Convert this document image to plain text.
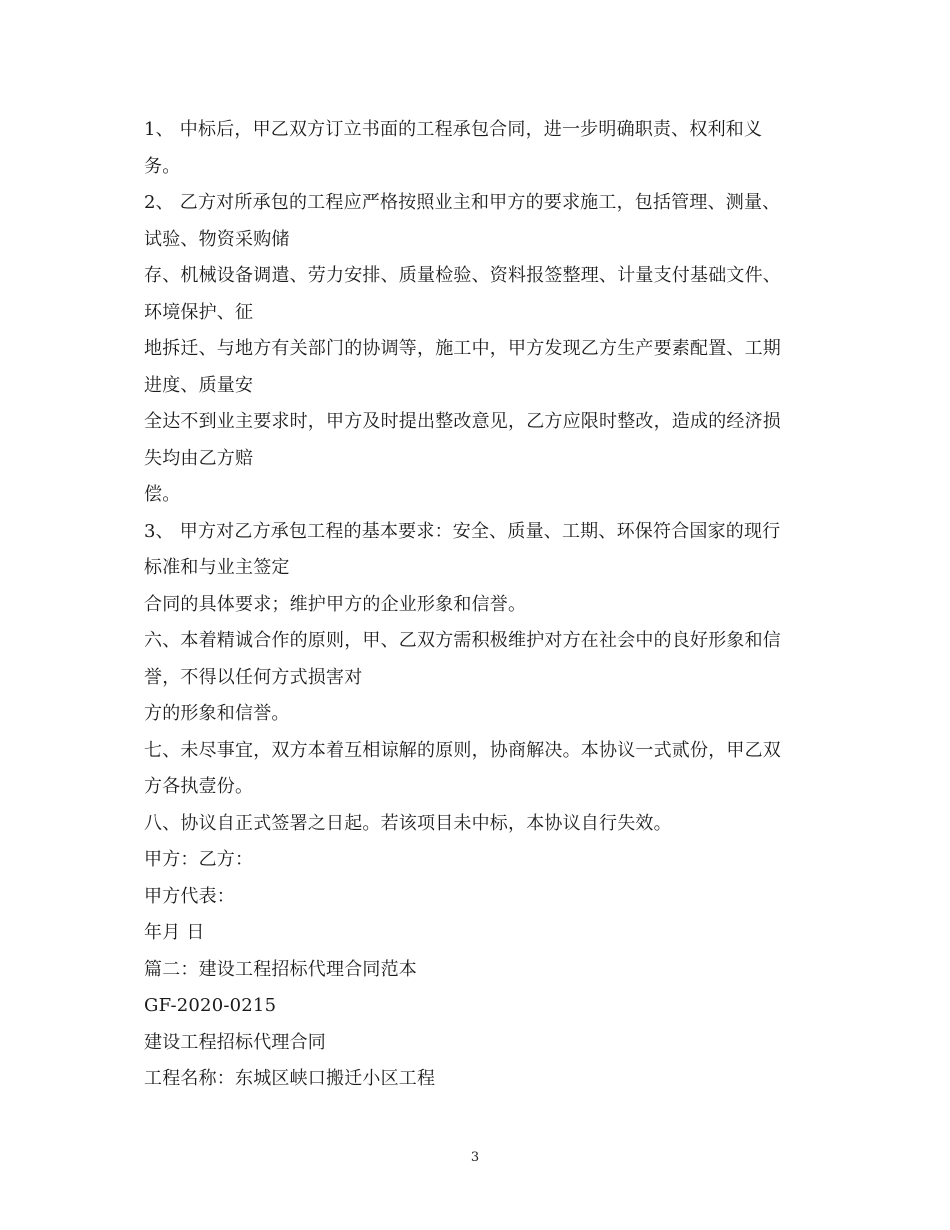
1、 中标后，甲乙双方订立书面的工程承包合同，进一步明确职责、权利和义
务。
2、 乙方对所承包的工程应严格按照业主和甲方的要求施工，包括管理、测量、
试验、物资采购储
存、机械设备调遣、劳力安排、质量检验、资料报签整理、计量支付基础文件、
环境保护、征
地拆迁、与地方有关部门的协调等，施工中，甲方发现乙方生产要素配置、工期
进度、质量安
全达不到业主要求时，甲方及时提出整改意见，乙方应限时整改，造成的经济损
失均由乙方赔
偿。
3、 甲方对乙方承包工程的基本要求：安全、质量、工期、环保符合国家的现行
标准和与业主签定
合同的具体要求；维护甲方的企业形象和信誉。
六、本着精诚合作的原则，甲、乙双方需积极维护对方在社会中的良好形象和信
誉，不得以任何方式损害对
方的形象和信誉。
七、未尽事宜，双方本着互相谅解的原则，协商解决。本协议一式贰份，甲乙双
方各执壹份。
八、协议自正式签署之日起。若该项目未中标，本协议自行失效。
甲方：乙方：
甲方代表：
年月 日
篇二：建设工程招标代理合同范本
GF-2020-0215
建设工程招标代理合同
工程名称：东城区峡口搬迁小区工程
3
